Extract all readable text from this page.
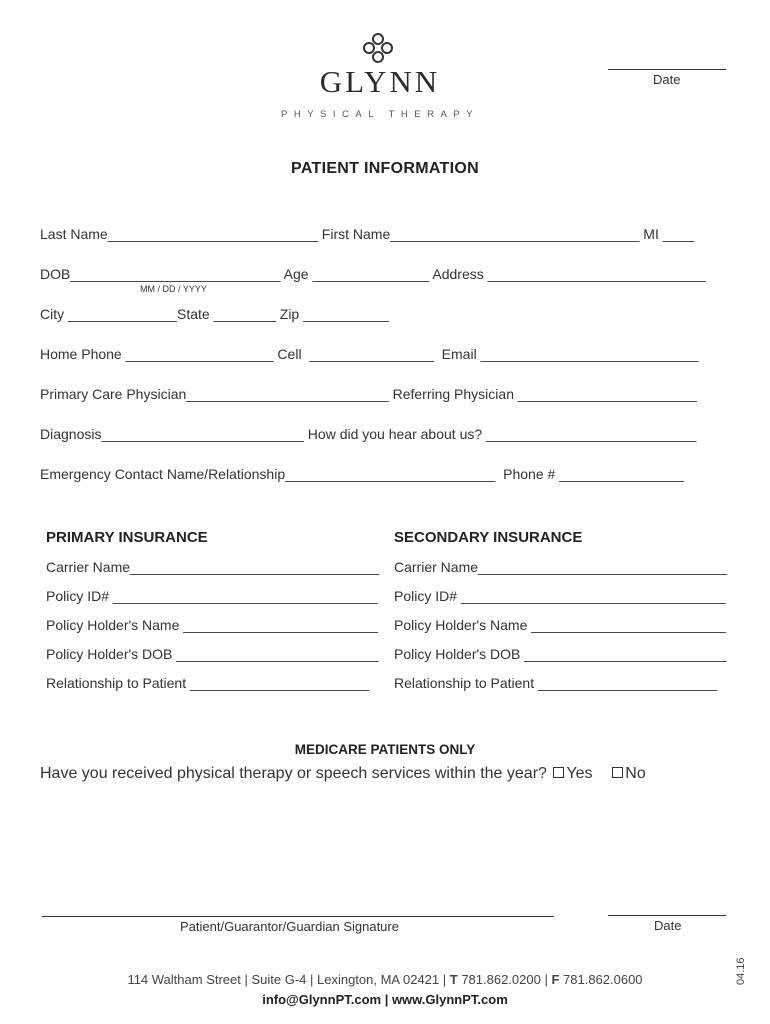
GLYNN
PHYSICAL THERAPY
Date
PATIENT INFORMATION
Last Name___________________________ First Name________________________________ MI ____
DOB___________________________ Age _______________ Address ____________________________
MM / DD / YYYY
City ______________State ________ Zip ___________
Home Phone ___________________ Cell  ________________  Email ____________________________
Primary Care Physician__________________________ Referring Physician _______________________
Diagnosis__________________________ How did you hear about us? ___________________________
Emergency Contact Name/Relationship___________________________  Phone # ________________
PRIMARY INSURANCE
Carrier Name________________________________
Policy ID# __________________________________
Policy Holder's Name _________________________
Policy Holder's DOB __________________________
Relationship to Patient _______________________
SECONDARY INSURANCE
Carrier Name________________________________
Policy ID# __________________________________
Policy Holder's Name _________________________
Policy Holder's DOB __________________________
Relationship to Patient _______________________
MEDICARE PATIENTS ONLY
Have you received physical therapy or speech services within the year? Yes No
Patient/Guarantor/Guardian Signature	Date
114 Waltham Street | Suite G-4 | Lexington, MA 02421 | T 781.862.0200 | F 781.862.0600
info@GlynnPT.com | www.GlynnPT.com
04.16
